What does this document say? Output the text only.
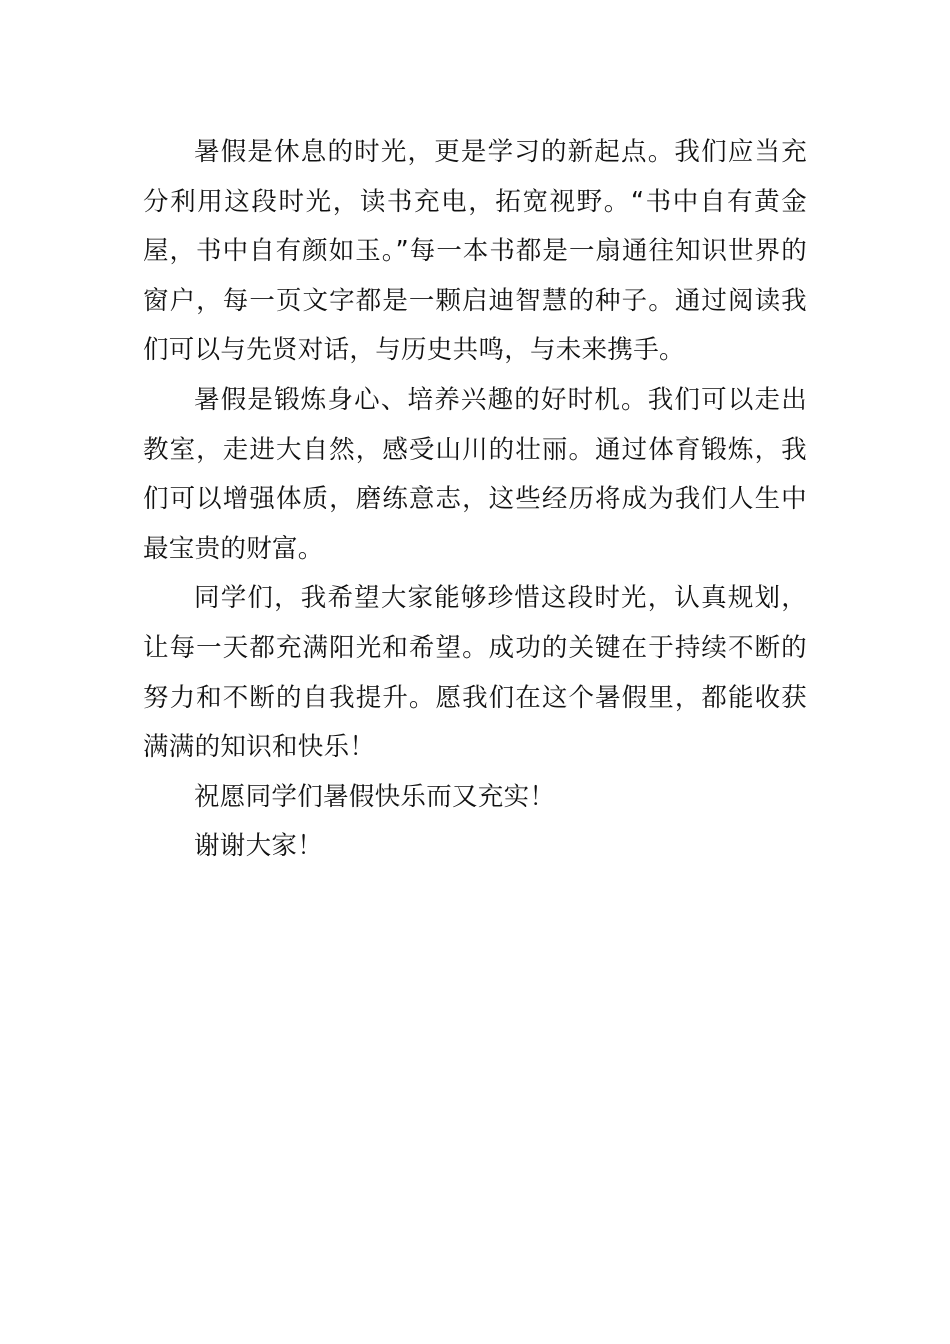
暑假是休息的时光，更是学习的新起点。我们应当充分利用这段时光，读书充电，拓宽视野。“书中自有黄金屋，书中自有颜如玉。”每一本书都是一扇通往知识世界的窗户，每一页文字都是一颗启迪智慧的种子。通过阅读我们可以与先贤对话，与历史共鸣，与未来携手。

暑假是锻炼身心、培养兴趣的好时机。我们可以走出教室，走进大自然，感受山川的壮丽。通过体育锻炼，我们可以增强体质，磨练意志，这些经历将成为我们人生中最宝贵的财富。

同学们，我希望大家能够珍惜这段时光，认真规划，让每一天都充满阳光和希望。成功的关键在于持续不断的努力和不断的自我提升。愿我们在这个暑假里，都能收获满满的知识和快乐！

祝愿同学们暑假快乐而又充实！

谢谢大家！
